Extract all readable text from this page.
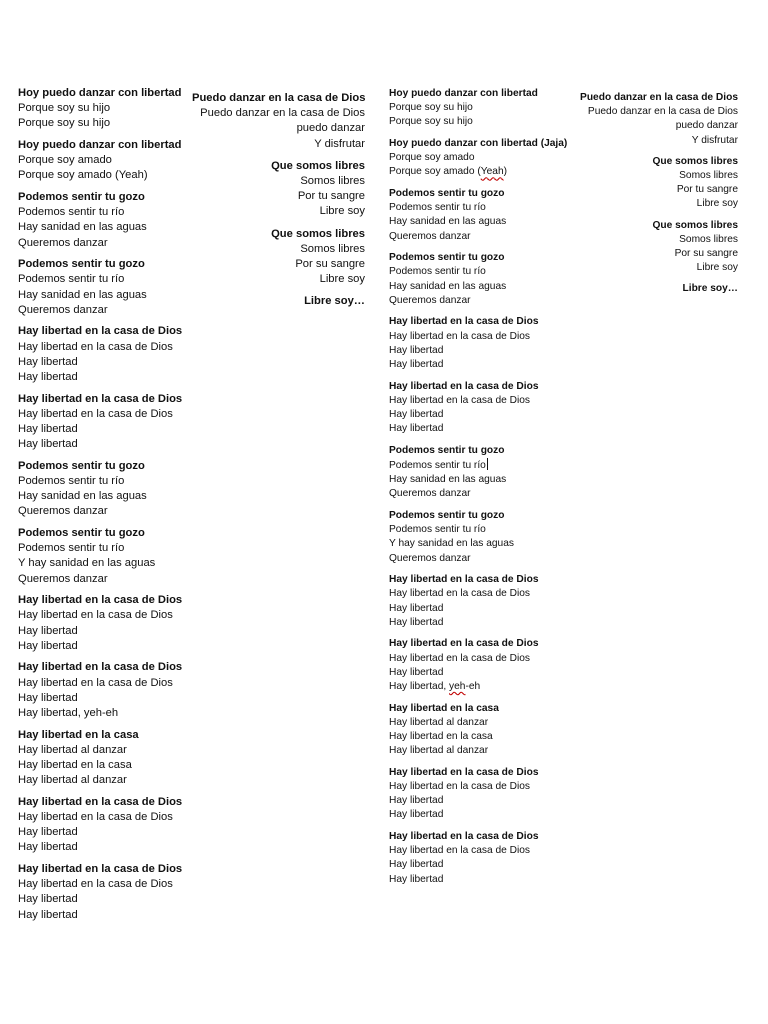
Hoy puedo danzar con libertad
Porque soy su hijo
Porque soy su hijo
Hoy puedo danzar con libertad
Porque soy amado
Porque soy amado (Yeah)
Podemos sentir tu gozo
Podemos sentir tu río
Hay sanidad en las aguas
Queremos danzar
Podemos sentir tu gozo
Podemos sentir tu río
Hay sanidad en las aguas
Queremos danzar
Hay libertad en la casa de Dios
Hay libertad en la casa de Dios
Hay libertad
Hay libertad
Hay libertad en la casa de Dios
Hay libertad en la casa de Dios
Hay libertad
Hay libertad
Podemos sentir tu gozo
Podemos sentir tu río
Hay sanidad en las aguas
Queremos danzar
Podemos sentir tu gozo
Podemos sentir tu río
Y hay sanidad en las aguas
Queremos danzar
Hay libertad en la casa de Dios
Hay libertad en la casa de Dios
Hay libertad
Hay libertad
Hay libertad en la casa de Dios
Hay libertad en la casa de Dios
Hay libertad
Hay libertad, yeh-eh
Hay libertad en la casa
Hay libertad al danzar
Hay libertad en la casa
Hay libertad al danzar
Hay libertad en la casa de Dios
Hay libertad en la casa de Dios
Hay libertad
Hay libertad
Hay libertad en la casa de Dios
Hay libertad en la casa de Dios
Hay libertad
Hay libertad
Puedo danzar en la casa de Dios
Puedo danzar en la casa de Dios
puedo danzar
Y disfrutar
Que somos libres
Somos libres
Por tu sangre
Libre soy
Que somos libres
Somos libres
Por su sangre
Libre soy
Libre soy…
Hoy puedo danzar con libertad
Porque soy su hijo
Porque soy su hijo
Hoy puedo danzar con libertad (Jaja)
Porque soy amado
Porque soy amado (Yeah)
Podemos sentir tu gozo
Podemos sentir tu río
Hay sanidad en las aguas
Queremos danzar
Podemos sentir tu gozo
Podemos sentir tu río
Hay sanidad en las aguas
Queremos danzar
Hay libertad en la casa de Dios
Hay libertad en la casa de Dios
Hay libertad
Hay libertad
Hay libertad en la casa de Dios
Hay libertad en la casa de Dios
Hay libertad
Hay libertad
Podemos sentir tu gozo
Podemos sentir tu río
Hay sanidad en las aguas
Queremos danzar
Podemos sentir tu gozo
Podemos sentir tu río
Y hay sanidad en las aguas
Queremos danzar
Hay libertad en la casa de Dios
Hay libertad en la casa de Dios
Hay libertad
Hay libertad
Hay libertad en la casa de Dios
Hay libertad en la casa de Dios
Hay libertad
Hay libertad, yeh-eh
Hay libertad en la casa
Hay libertad al danzar
Hay libertad en la casa
Hay libertad al danzar
Hay libertad en la casa de Dios
Hay libertad en la casa de Dios
Hay libertad
Hay libertad
Hay libertad en la casa de Dios
Hay libertad en la casa de Dios
Hay libertad
Hay libertad
Puedo danzar en la casa de Dios
Puedo danzar en la casa de Dios
puedo danzar
Y disfrutar
Que somos libres
Somos libres
Por tu sangre
Libre soy
Que somos libres
Somos libres
Por su sangre
Libre soy
Libre soy…
